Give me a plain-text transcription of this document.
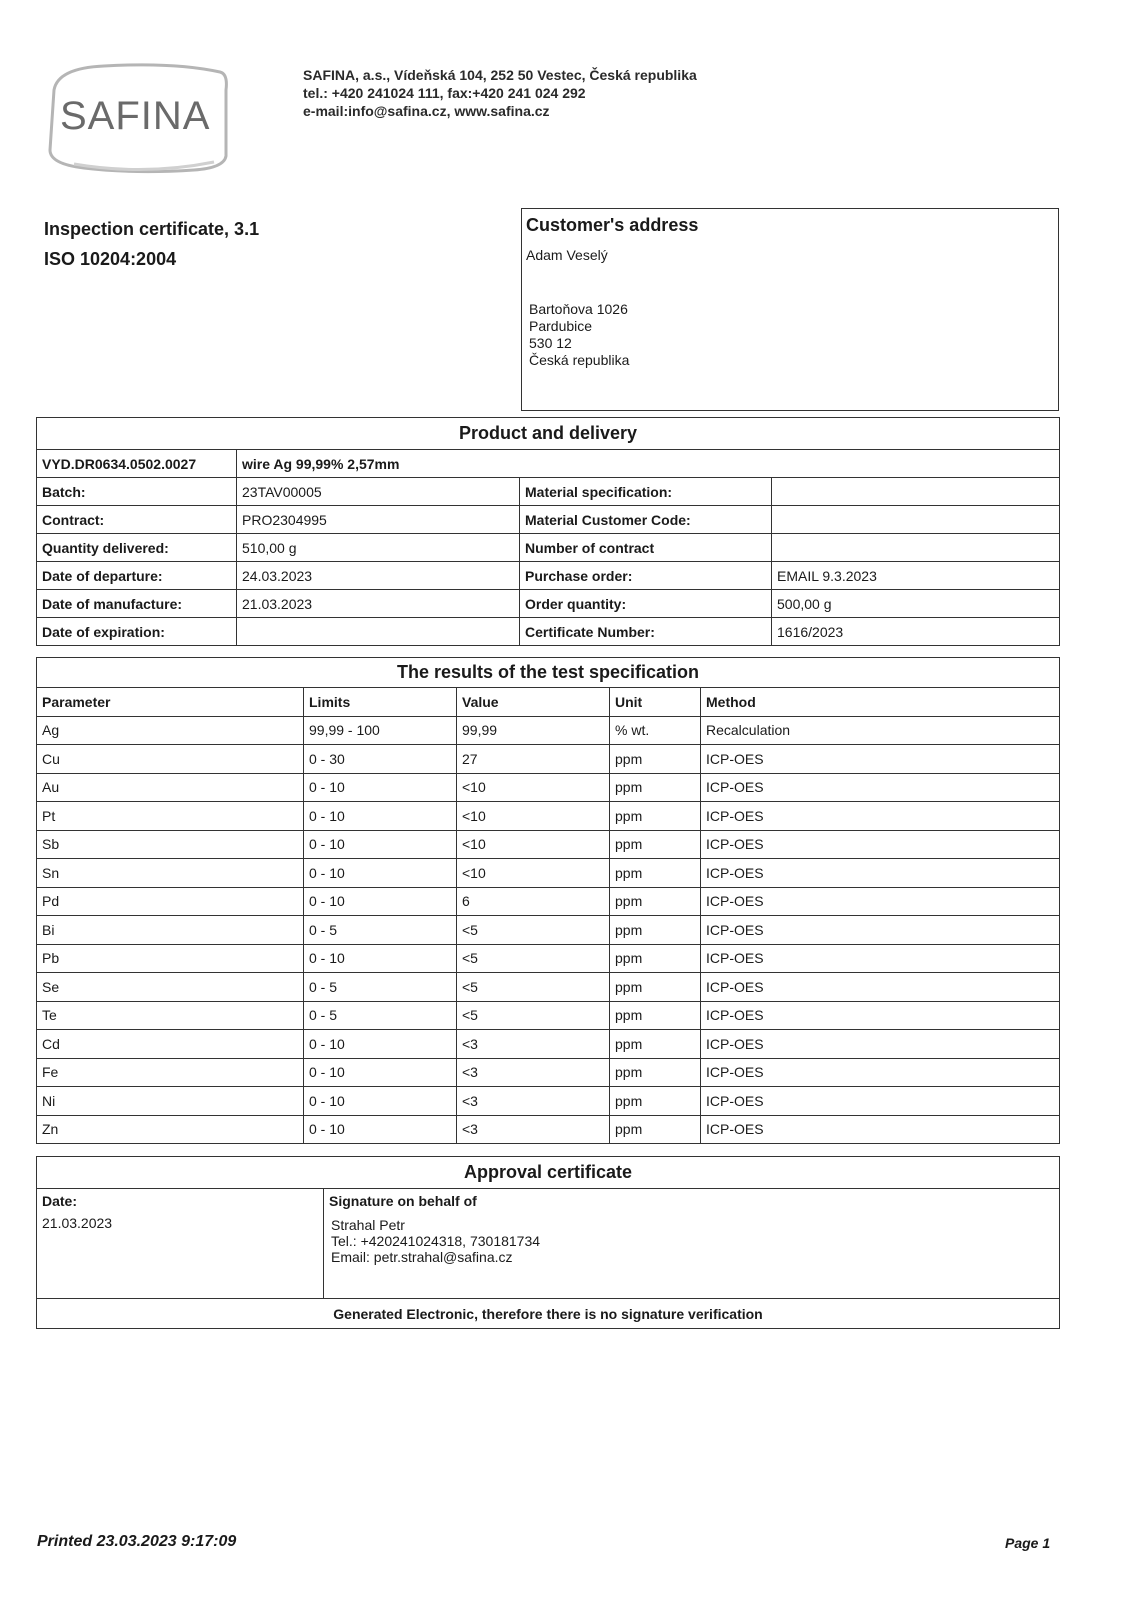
SAFINA
SAFINA, a.s., Vídeňská 104, 252 50 Vestec, Česká republika
tel.: +420 241024 111, fax:+420 241 024 292
e-mail:info@safina.cz, www.safina.cz
Inspection certificate, 3.1
ISO 10204:2004
Customer's address
Adam Veselý
Bartoňova 1026
Pardubice
530 12
Česká republika
Product and delivery			
VYD.DR0634.0502.0027	wire Ag 99,99% 2,57mm		
Batch:	23TAV00005	Material specification:	
Contract:	PRO2304995	Material Customer Code:	
Quantity delivered:	510,00 g	Number of contract	
Date of departure:	24.03.2023	Purchase order:	EMAIL 9.3.2023
Date of manufacture:	21.03.2023	Order quantity:	500,00 g
Date of expiration:		Certificate Number:	1616/2023
The results of the test specification				
Parameter	Limits	Value	Unit	Method
Ag	99,99 - 100	99,99	% wt.	Recalculation
Cu	0 - 30	27	ppm	ICP-OES
Au	0 - 10	<10	ppm	ICP-OES
Pt	0 - 10	<10	ppm	ICP-OES
Sb	0 - 10	<10	ppm	ICP-OES
Sn	0 - 10	<10	ppm	ICP-OES
Pd	0 - 10	6	ppm	ICP-OES
Bi	0 - 5	<5	ppm	ICP-OES
Pb	0 - 10	<5	ppm	ICP-OES
Se	0 - 5	<5	ppm	ICP-OES
Te	0 - 5	<5	ppm	ICP-OES
Cd	0 - 10	<3	ppm	ICP-OES
Fe	0 - 10	<3	ppm	ICP-OES
Ni	0 - 10	<3	ppm	ICP-OES
Zn	0 - 10	<3	ppm	ICP-OES
Approval certificate

Date:
21.03.2023

Signature on behalf of
Strahal Petr
Tel.: +420241024318, 730181734
Email: petr.strahal@safina.cz

Generated Electronic, therefore there is no signature verification
Printed 23.03.2023 9:17:09	Page 1
